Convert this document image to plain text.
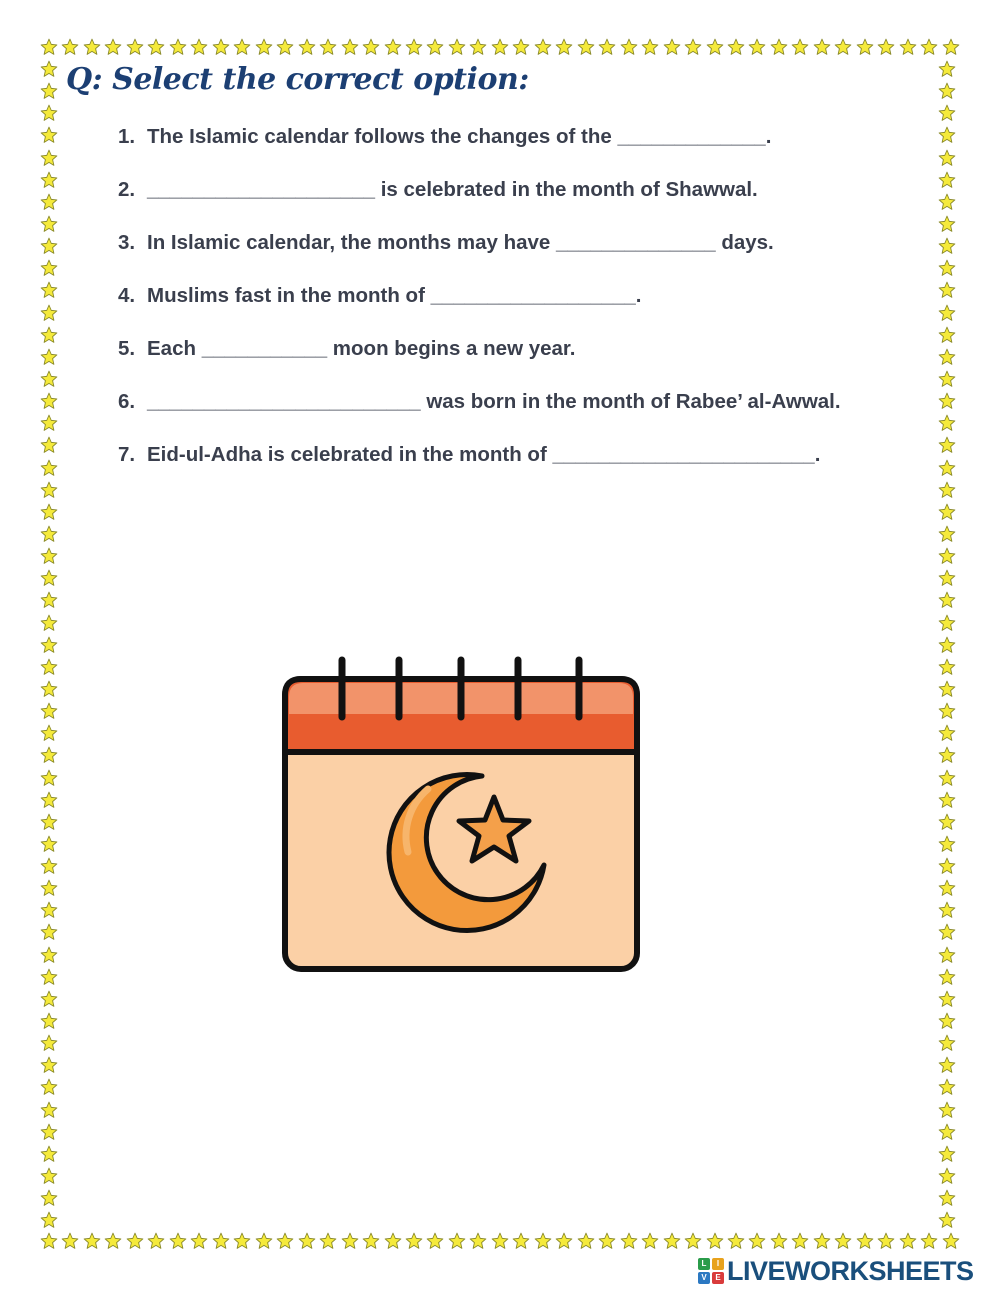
Q: Select the correct option:
1. The Islamic calendar follows the changes of the _____________.
2. ____________________ is celebrated in the month of Shawwal.
3. In Islamic calendar, the months may have ______________ days.
4. Muslims fast in the month of __________________.
5. Each ___________ moon begins a new year.
6. ________________________ was born in the month of Rabee’ al-Awwal.
7. Eid-ul-Adha is celebrated in the month of _______________________.
L	I
V	E LIVEWORKSHEETS
